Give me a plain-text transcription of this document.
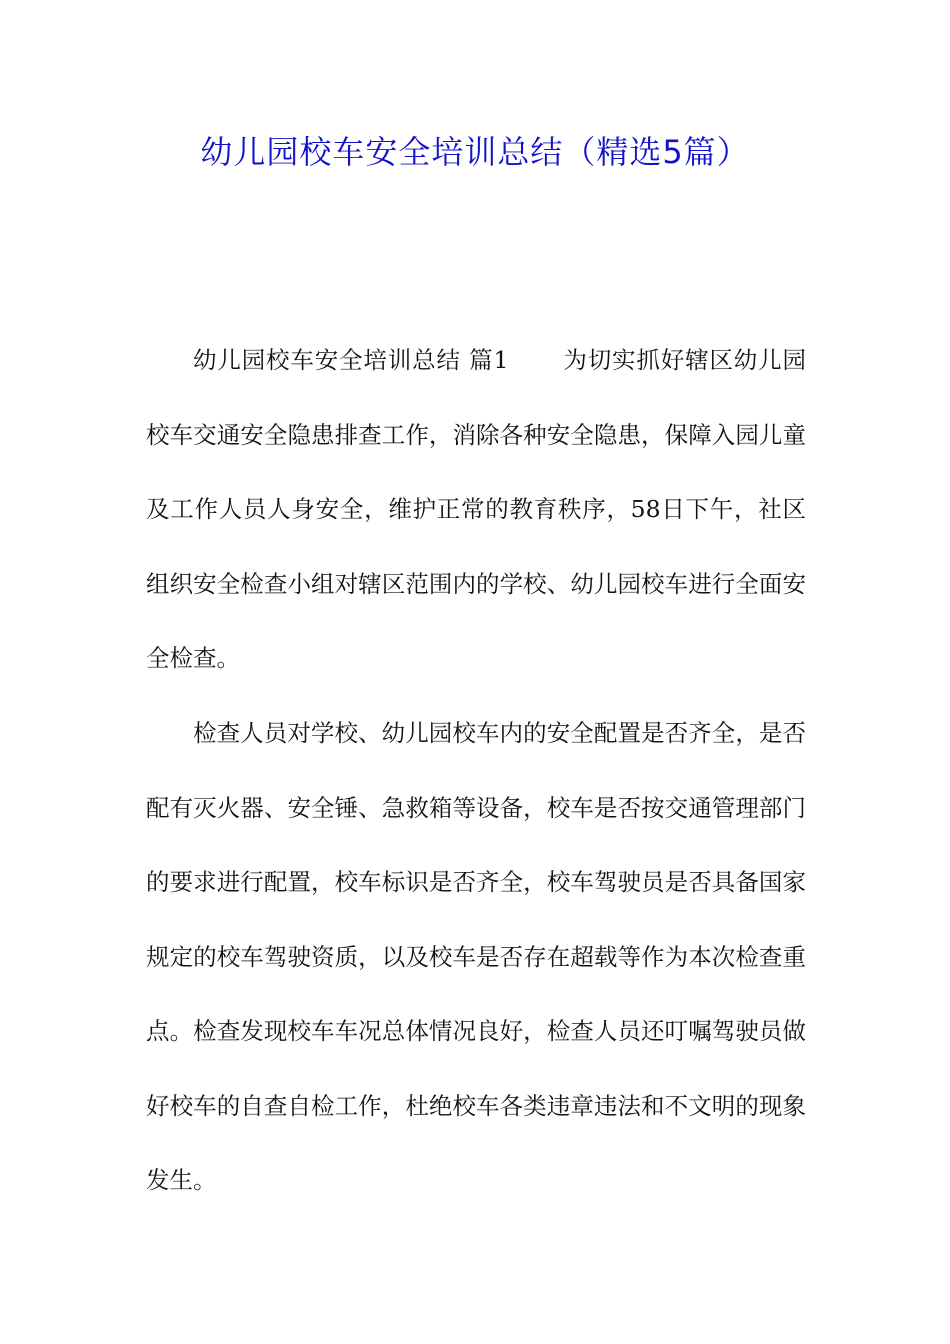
幼儿园校车安全培训总结（精选5篇）

幼儿园校车安全培训总结 篇1 为切实抓好辖区幼儿园校车交通安全隐患排查工作，消除各种安全隐患，保障入园儿童及工作人员人身安全，维护正常的教育秩序，58日下午，社区组织安全检查小组对辖区范围内的学校、幼儿园校车进行全面安全检查。

检查人员对学校、幼儿园校车内的安全配置是否齐全，是否配有灭火器、安全锤、急救箱等设备，校车是否按交通管理部门的要求进行配置，校车标识是否齐全，校车驾驶员是否具备国家规定的校车驾驶资质，以及校车是否存在超载等作为本次检查重点。检查发现校车车况总体情况良好，检查人员还叮嘱驾驶员做好校车的自查自检工作，杜绝校车各类违章违法和不文明的现象发生。
